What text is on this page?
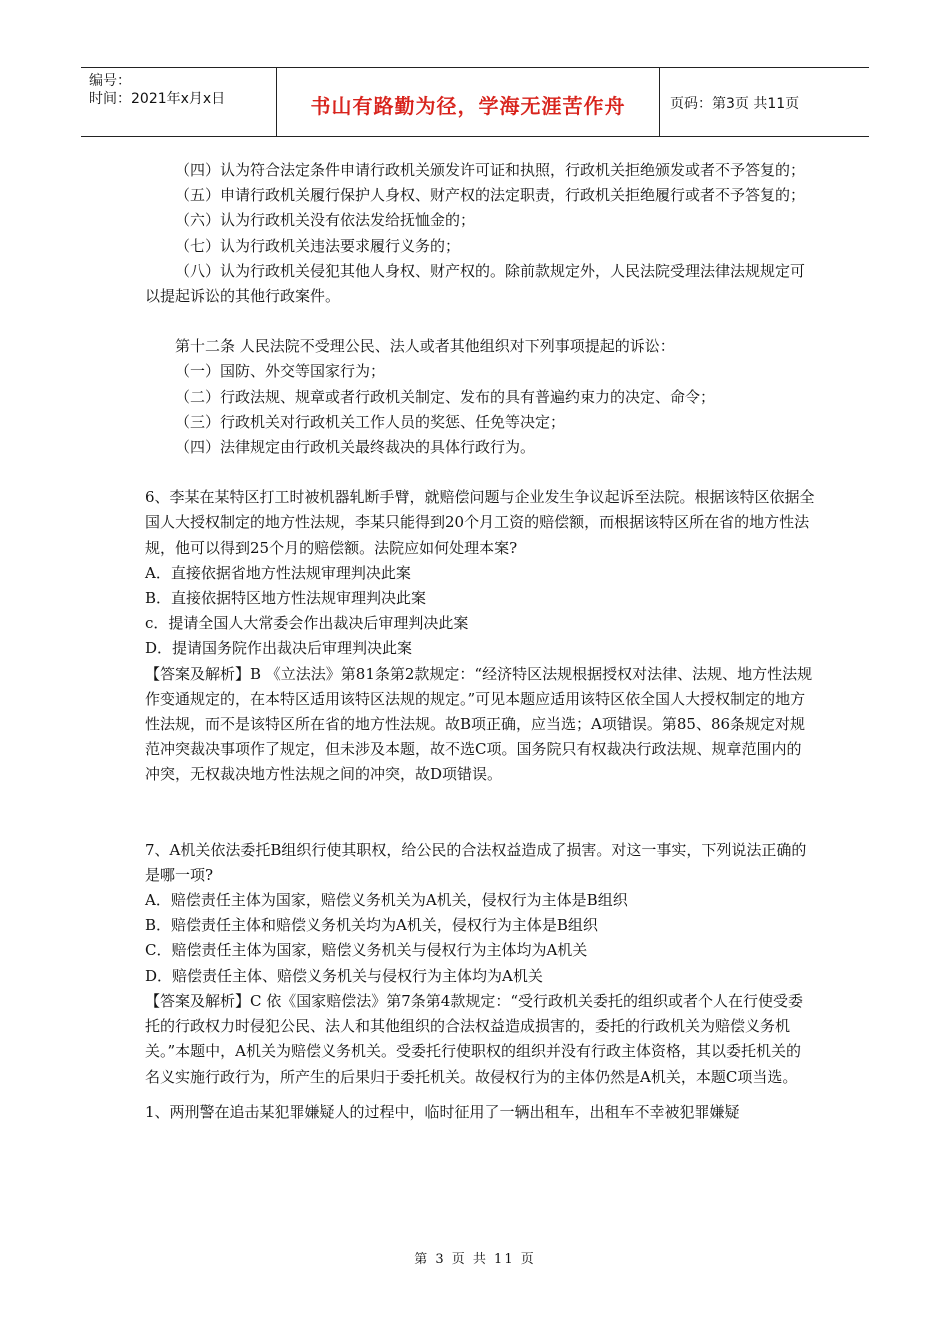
编号：
时间：2021年x月x日	书山有路勤为径，学海无涯苦作舟	页码：第3页 共11页

（四）认为符合法定条件申请行政机关颁发许可证和执照，行政机关拒绝颁发或者不予答复的；

（五）申请行政机关履行保护人身权、财产权的法定职责，行政机关拒绝履行或者不予答复的；

（六）认为行政机关没有依法发给抚恤金的；

（七）认为行政机关违法要求履行义务的；

（八）认为行政机关侵犯其他人身权、财产权的。除前款规定外，人民法院受理法律法规规定可以提起诉讼的其他行政案件。

第十二条 人民法院不受理公民、法人或者其他组织对下列事项提起的诉讼：

（一）国防、外交等国家行为；

（二）行政法规、规章或者行政机关制定、发布的具有普遍约束力的决定、命令；

（三）行政机关对行政机关工作人员的奖惩、任免等决定；

（四）法律规定由行政机关最终裁决的具体行政行为。

6、李某在某特区打工时被机器轧断手臂，就赔偿问题与企业发生争议起诉至法院。根据该特区依据全国人大授权制定的地方性法规，李某只能得到20个月工资的赔偿额，而根据该特区所在省的地方性法规，他可以得到25个月的赔偿额。法院应如何处理本案?

A．直接依据省地方性法规审理判决此案

B．直接依据特区地方性法规审理判决此案

c．提请全国人大常委会作出裁决后审理判决此案

D．提请国务院作出裁决后审理判决此案

【答案及解析】B 《立法法》第81条第2款规定：“经济特区法规根据授权对法律、法规、地方性法规作变通规定的，在本特区适用该特区法规的规定。”可见本题应适用该特区依全国人大授权制定的地方性法规，而不是该特区所在省的地方性法规。故B项正确，应当选；A项错误。第85、86条规定对规范冲突裁决事项作了规定，但未涉及本题，故不选C项。国务院只有权裁决行政法规、规章范围内的冲突，无权裁决地方性法规之间的冲突，故D项错误。

7、A机关依法委托B组织行使其职权，给公民的合法权益造成了损害。对这一事实，下列说法正确的是哪一项?

A．赔偿责任主体为国家，赔偿义务机关为A机关，侵权行为主体是B组织

B．赔偿责任主体和赔偿义务机关均为A机关，侵权行为主体是B组织

C．赔偿责任主体为国家，赔偿义务机关与侵权行为主体均为A机关

D．赔偿责任主体、赔偿义务机关与侵权行为主体均为A机关

【答案及解析】C 依《国家赔偿法》第7条第4款规定：“受行政机关委托的组织或者个人在行使受委托的行政权力时侵犯公民、法人和其他组织的合法权益造成损害的，委托的行政机关为赔偿义务机关。”本题中，A机关为赔偿义务机关。受委托行使职权的组织并没有行政主体资格，其以委托机关的名义实施行政行为，所产生的后果归于委托机关。故侵权行为的主体仍然是A机关，本题C项当选。

1、两刑警在追击某犯罪嫌疑人的过程中，临时征用了一辆出租车，出租车不幸被犯罪嫌疑

第 3 页 共 11 页
